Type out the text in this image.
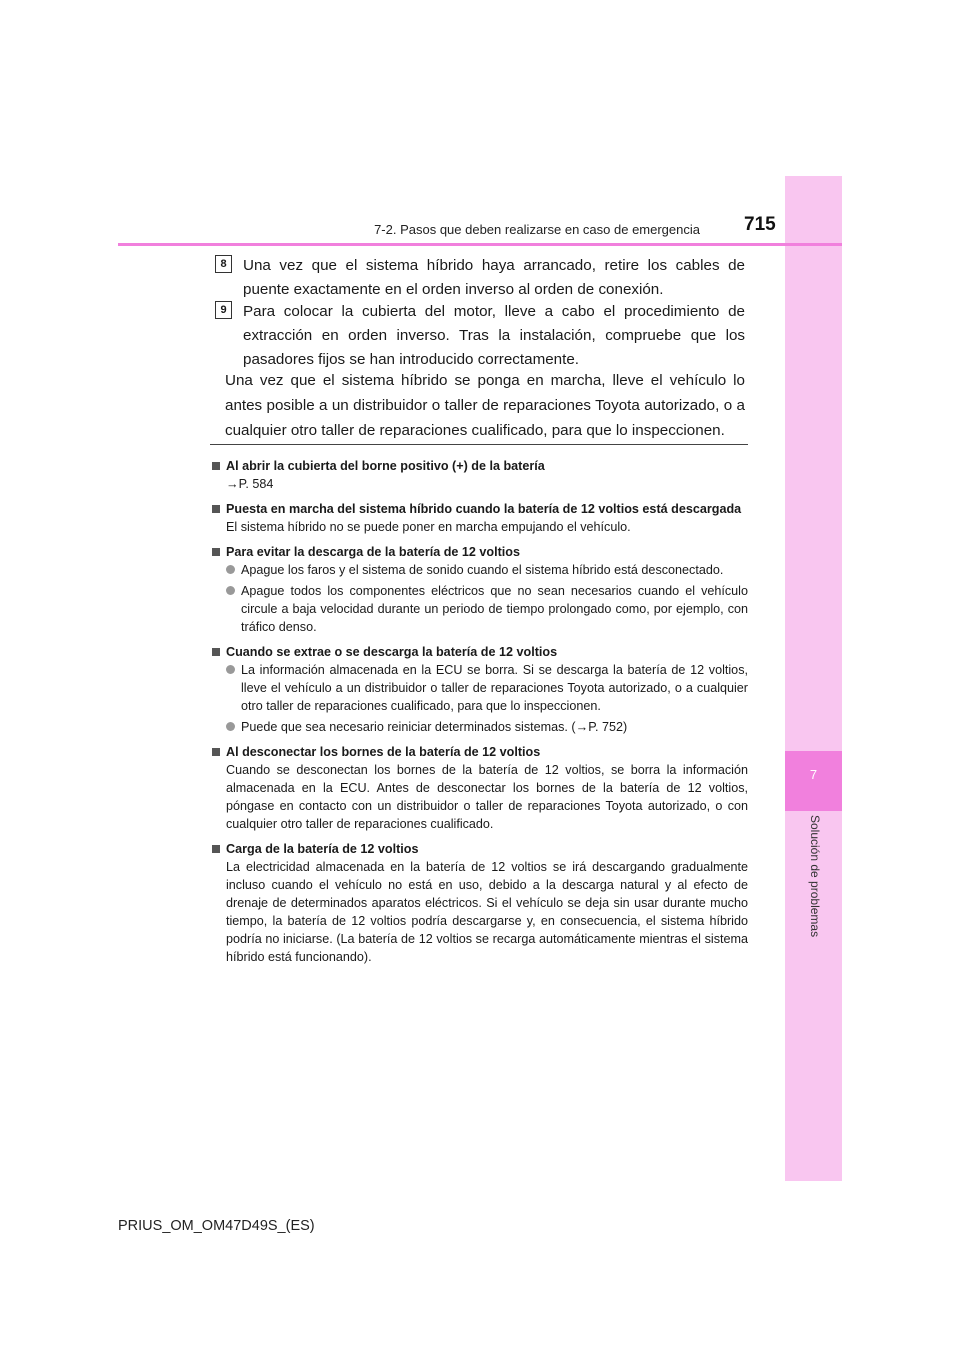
7
Solución de problemas
7-2. Pasos que deben realizarse en caso de emergencia 715
8	Una vez que el sistema híbrido haya arrancado, retire los cables de puente exactamente en el orden inverso al orden de conexión.
9	Para colocar la cubierta del motor, lleve a cabo el procedimiento de extracción en orden inverso. Tras la instalación, compruebe que los pasadores fijos se han introducido correctamente.
Una vez que el sistema híbrido se ponga en marcha, lleve el vehículo lo antes posible a un distribuidor o taller de reparaciones Toyota autorizado, o a cualquier otro taller de reparaciones cualificado, para que lo inspeccionen.
Al abrir la cubierta del borne positivo (+) de la batería
→P. 584
Puesta en marcha del sistema híbrido cuando la batería de 12 voltios está descargada
El sistema híbrido no se puede poner en marcha empujando el vehículo.
Para evitar la descarga de la batería de 12 voltios
Apague los faros y el sistema de sonido cuando el sistema híbrido está desconectado.
Apague todos los componentes eléctricos que no sean necesarios cuando el vehículo circule a baja velocidad durante un periodo de tiempo prolongado como, por ejemplo, con tráfico denso.
Cuando se extrae o se descarga la batería de 12 voltios
La información almacenada en la ECU se borra. Si se descarga la batería de 12 voltios, lleve el vehículo a un distribuidor o taller de reparaciones Toyota autorizado, o a cualquier otro taller de reparaciones cualificado, para que lo inspeccionen.
Puede que sea necesario reiniciar determinados sistemas. (→P. 752)
Al desconectar los bornes de la batería de 12 voltios
Cuando se desconectan los bornes de la batería de 12 voltios, se borra la información almacenada en la ECU. Antes de desconectar los bornes de la batería de 12 voltios, póngase en contacto con un distribuidor o taller de reparaciones Toyota autorizado, o con cualquier otro taller de reparaciones cualificado.
Carga de la batería de 12 voltios
La electricidad almacenada en la batería de 12 voltios se irá descargando gradualmente incluso cuando el vehículo no está en uso, debido a la descarga natural y al efecto de drenaje de determinados aparatos eléctricos. Si el vehículo se deja sin usar durante mucho tiempo, la batería de 12 voltios podría descargarse y, en consecuencia, el sistema híbrido podría no iniciarse. (La batería de 12 voltios se recarga automáticamente mientras el sistema híbrido está funcionando).
PRIUS_OM_OM47D49S_(ES)
